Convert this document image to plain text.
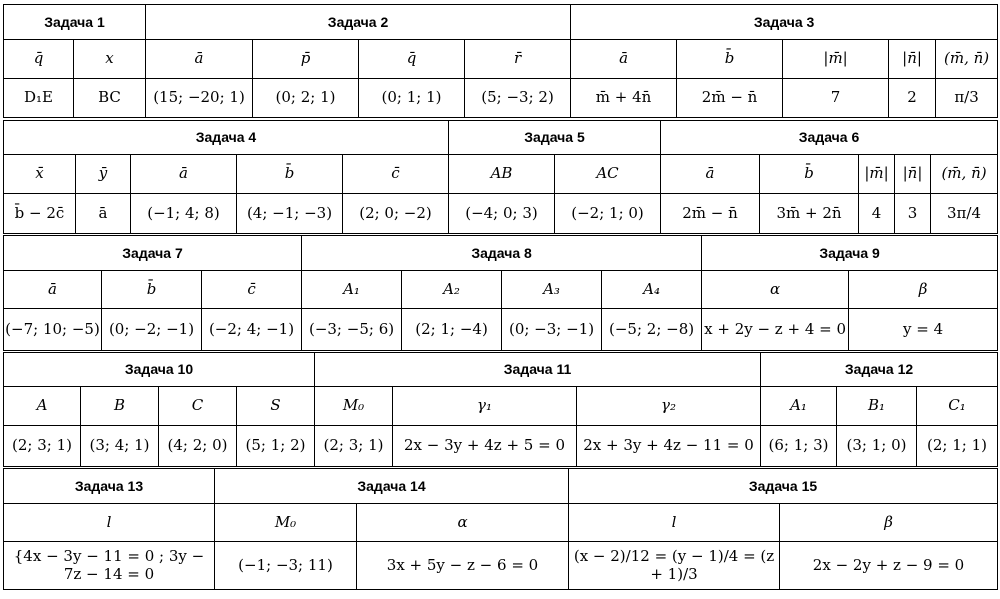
Задача 1		Задача 2				Задача 3				
q̄	x	ā	p̄	q̄	r̄	ā	b̄	|m̄|	|n̄|	(m̄, n̄)
D₁E	BC	(15; −20; 1)	(0; 2; 1)	(0; 1; 1)	(5; −3; 2)	m̄ + 4n̄	2m̄ − n̄	7	2	π/3
Задача 4					Задача 5		Задача 6				
x̄	ȳ	ā	b̄	c̄	AB	AC	ā	b̄	|m̄|	|n̄|	(m̄, n̄)
b̄ − 2c̄	ā	(−1; 4; 8)	(4; −1; −3)	(2; 0; −2)	(−4; 0; 3)	(−2; 1; 0)	2m̄ − n̄	3m̄ + 2n̄	4	3	3π/4
Задача 7			Задача 8				Задача 9	
ā	b̄	c̄	A₁	A₂	A₃	A₄	α	β
(−7; 10; −5)	(0; −2; −1)	(−2; 4; −1)	(−3; −5; 6)	(2; 1; −4)	(0; −3; −1)	(−5; 2; −8)	x + 2y − z + 4 = 0	y = 4
Задача 10				Задача 11			Задача 12		
A	B	C	S	M₀	γ₁	γ₂	A₁	B₁	C₁
(2; 3; 1)	(3; 4; 1)	(4; 2; 0)	(5; 1; 2)	(2; 3; 1)	2x − 3y + 4z + 5 = 0	2x + 3y + 4z − 11 = 0	(6; 1; 3)	(3; 1; 0)	(2; 1; 1)
Задача 13	Задача 14		Задача 15	
l	M₀	α	l	β
{4x − 3y − 11 = 0 ; 3y − 7z − 14 = 0	(−1; −3; 11)	3x + 5y − z − 6 = 0	(x − 2)/12 = (y − 1)/4 = (z + 1)/3	2x − 2y + z − 9 = 0
